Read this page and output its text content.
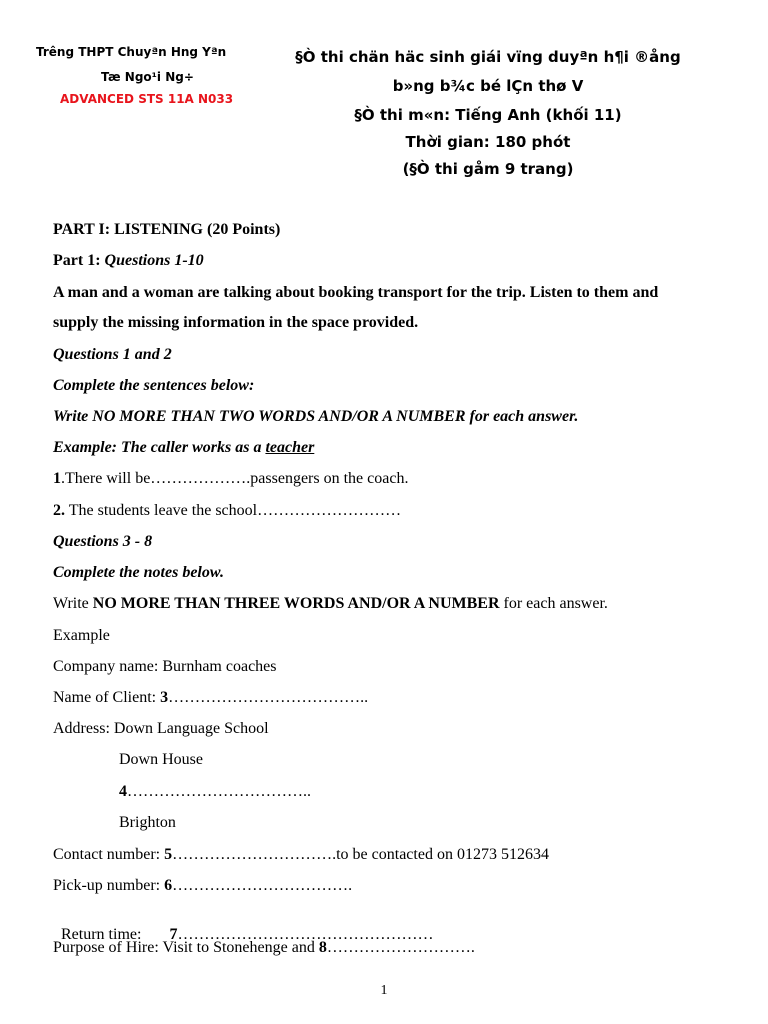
Trêng THPT Chuyªn Hng Yªn
Tæ Ngo¹i Ng÷
ADVANCED STS 11A N033
§Ò thi chän häc sinh giái vïng duyªn h¶i ®ång
b»ng b¾c bé lÇn thø V
§Ò thi m«n: Tiếng Anh (khối 11)
Thời gian: 180 phót
(§Ò thi gåm 9 trang)
PART I: LISTENING (20 Points)
Part 1: Questions 1-10
A man and a woman are talking about booking transport for the trip. Listen to them and
supply the missing information in the space provided.
Questions 1 and 2
Complete the sentences below:
Write NO MORE THAN TWO WORDS AND/OR A NUMBER for each answer.
Example: The caller works as a teacher
1.There will be……………….passengers on the coach.
2. The students leave the school………………………
Questions 3 - 8
Complete the notes below.
Write NO MORE THAN THREE WORDS AND/OR A NUMBER for each answer.
Example
Company name: Burnham coaches
Name of Client: 3………………………………..
Address: Down Language School
Down House
4……………………………..
Brighton
Contact number: 5………………………….to be contacted on 01273 512634
Pick-up number: 6…………………………….

Return time:       7…………………………………………

Purpose of Hire: Visit to Stonehenge and 8……………………….
1
